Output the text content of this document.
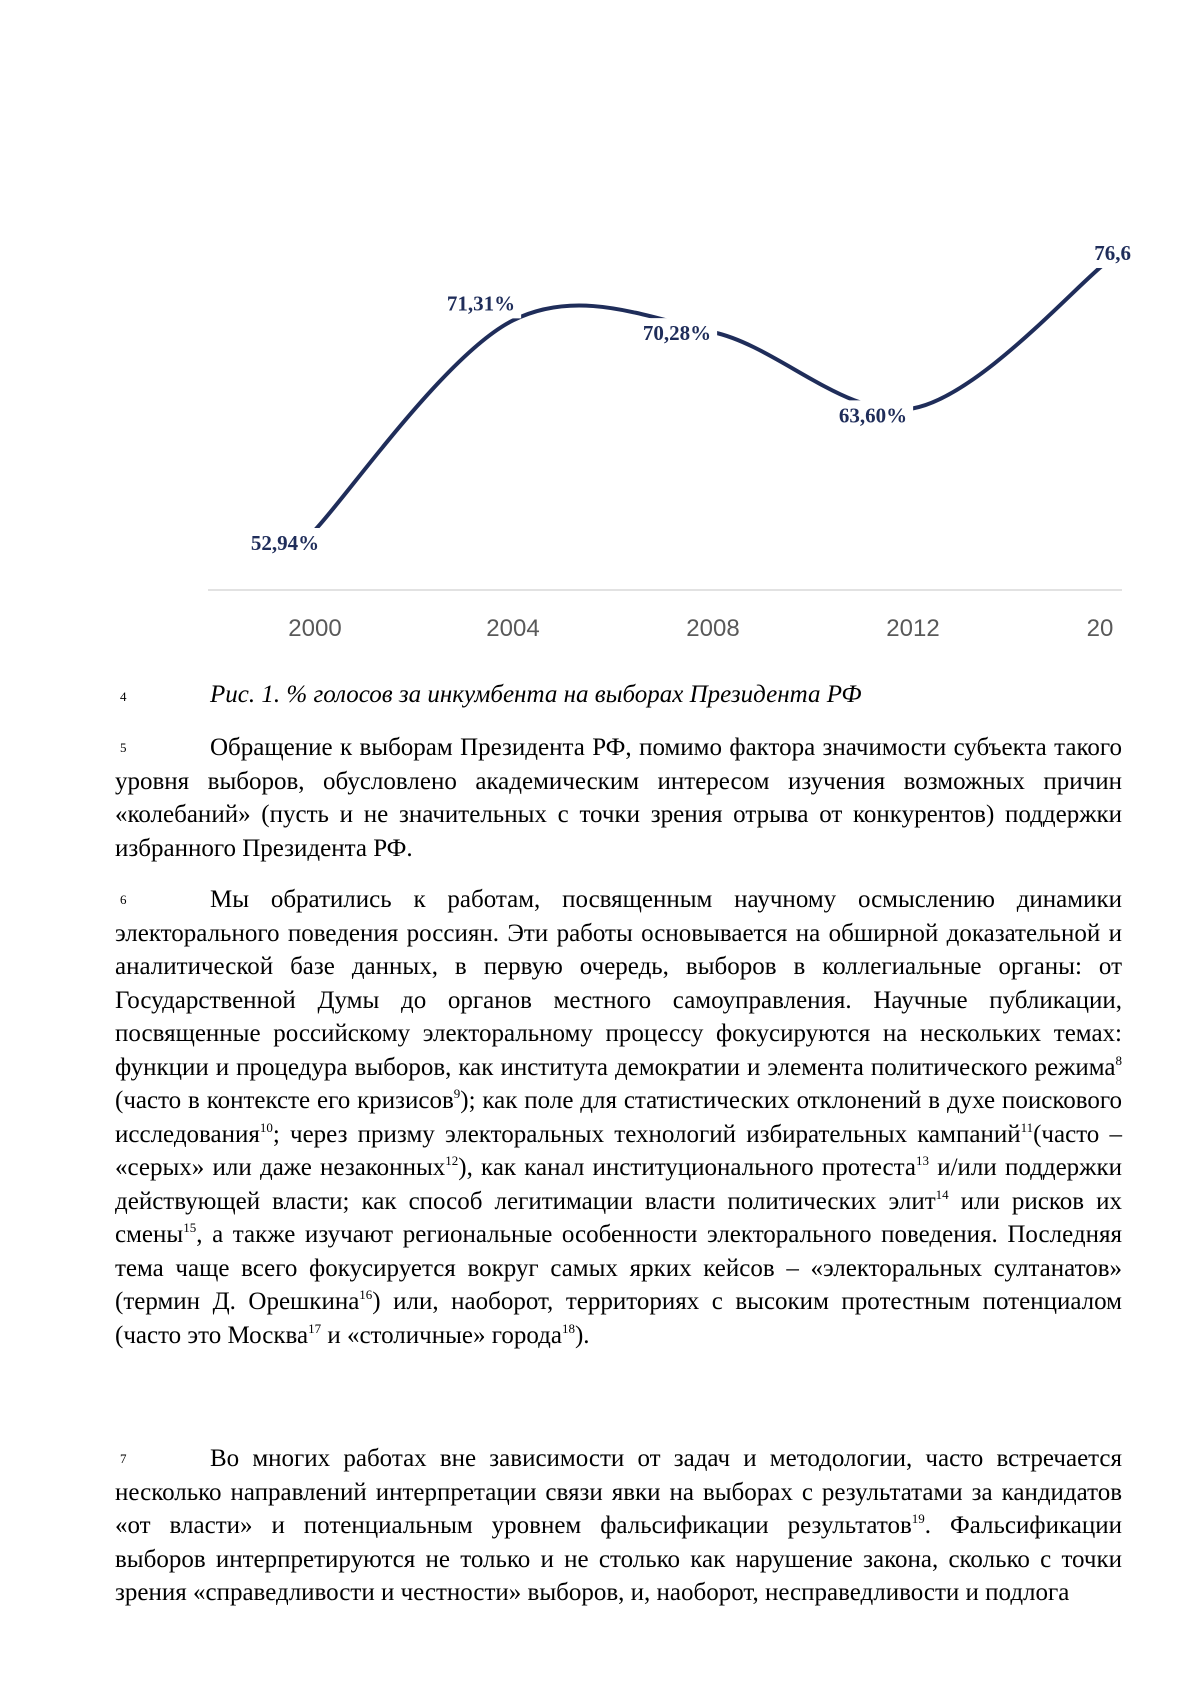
52,94%
71,31%
70,28%
63,60%
76,6
2000	2004	2008	2012	20
4	Рис. 1. % голосов за инкумбента на выборах Президента РФ
5	Обращение к выборам Президента РФ, помимо фактора значимости субъекта такого уровня выборов, обусловлено академическим интересом изучения возможных причин «колебаний» (пусть и не значительных с точки зрения отрыва от конкурентов) поддержки избранного Президента РФ.

6	Мы обратились к работам, посвященным научному осмыслению динамики электорального поведения россиян. Эти работы основывается на обширной доказательной и аналитической базе данных, в первую очередь, выборов в коллегиальные органы: от Государственной Думы до органов местного самоуправления. Научные публикации, посвященные российскому электоральному процессу фокусируются на нескольких темах: функции и процедура выборов, как института демократии и элемента политического режима8 (часто в контексте его кризисов9); как поле для статистических отклонений в духе поискового исследования10; через призму электоральных технологий избирательных кампаний11(часто – «серых» или даже незаконных12), как канал институционального протеста13 и/или поддержки действующей власти; как способ легитимации власти политических элит14 или рисков их смены15, а также изучают региональные особенности электорального поведения. Последняя тема чаще всего фокусируется вокруг самых ярких кейсов – «электоральных султанатов» (термин Д. Орешкина16) или, наоборот, территориях с высоким протестным потенциалом (часто это Москва17 и «столичные» города18).

7	Во многих работах вне зависимости от задач и методологии, часто встречается несколько направлений интерпретации связи явки на выборах с результатами за кандидатов «от власти» и потенциальным уровнем фальсификации результатов19. Фальсификации выборов интерпретируются не только и не столько как нарушение закона, сколько с точки зрения «справедливости и честности» выборов, и, наоборот, несправедливости и подлога
